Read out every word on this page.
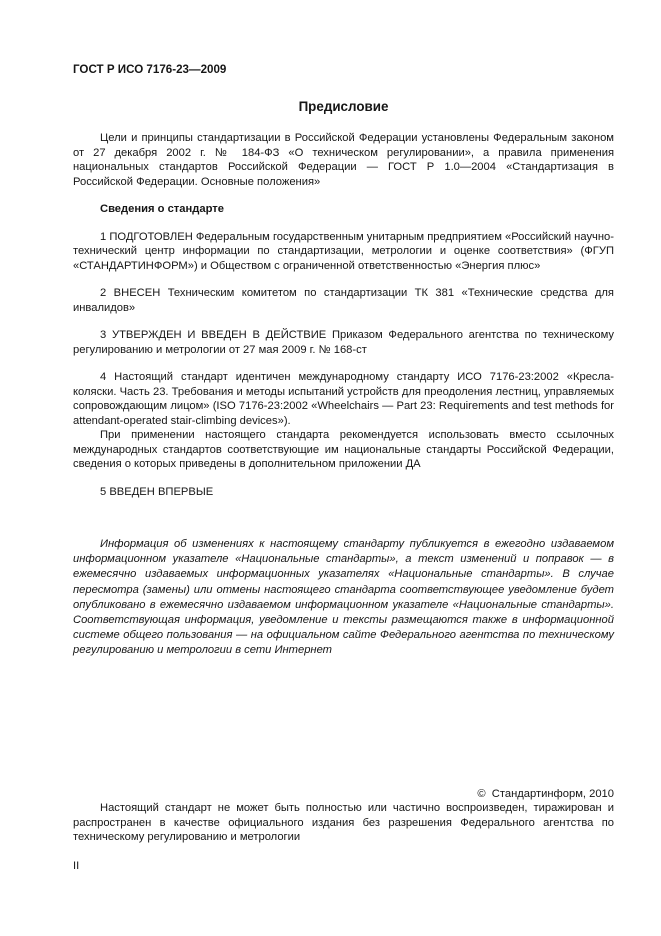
ГОСТ Р ИСО 7176-23—2009
Предисловие

Цели и принципы стандартизации в Российской Федерации установлены Федеральным законом от 27 декабря 2002 г. № 184-ФЗ «О техническом регулировании», а правила применения национальных стандартов Российской Федерации — ГОСТ Р 1.0—2004 «Стандартизация в Российской Федерации. Основные положения»

Сведения о стандарте

1 ПОДГОТОВЛЕН Федеральным государственным унитарным предприятием «Российский научно-технический центр информации по стандартизации, метрологии и оценке соответствия» (ФГУП «СТАНДАРТИНФОРМ») и Обществом с ограниченной ответственностью «Энергия плюс»

2 ВНЕСЕН Техническим комитетом по стандартизации ТК 381 «Технические средства для инвалидов»

3 УТВЕРЖДЕН И ВВЕДЕН В ДЕЙСТВИЕ Приказом Федерального агентства по техническому регулированию и метрологии от 27 мая 2009 г. № 168-ст

4 Настоящий стандарт идентичен международному стандарту ИСО 7176-23:2002 «Кресла-коляски. Часть 23. Требования и методы испытаний устройств для преодоления лестниц, управляемых сопровождающим лицом» (ISO 7176-23:2002 «Wheelchairs — Part 23: Requirements and test methods for attendant-operated stair-climbing devices»).

При применении настоящего стандарта рекомендуется использовать вместо ссылочных международных стандартов соответствующие им национальные стандарты Российской Федерации, сведения о которых приведены в дополнительном приложении ДА

5 ВВЕДЕН ВПЕРВЫЕ

Информация об изменениях к настоящему стандарту публикуется в ежегодно издаваемом информационном указателе «Национальные стандарты», а текст изменений и поправок — в ежемесячно издаваемых информационных указателях «Национальные стандарты». В случае пересмотра (замены) или отмены настоящего стандарта соответствующее уведомление будет опубликовано в ежемесячно издаваемом информационном указателе «Национальные стандарты». Соответствующая информация, уведомление и тексты размещаются также в информационной системе общего пользования — на официальном сайте Федерального агентства по техническому регулированию и метрологии в сети Интернет

©  Стандартинформ, 2010

Настоящий стандарт не может быть полностью или частично воспроизведен, тиражирован и распространен в качестве официального издания без разрешения Федерального агентства по техническому регулированию и метрологии

II
